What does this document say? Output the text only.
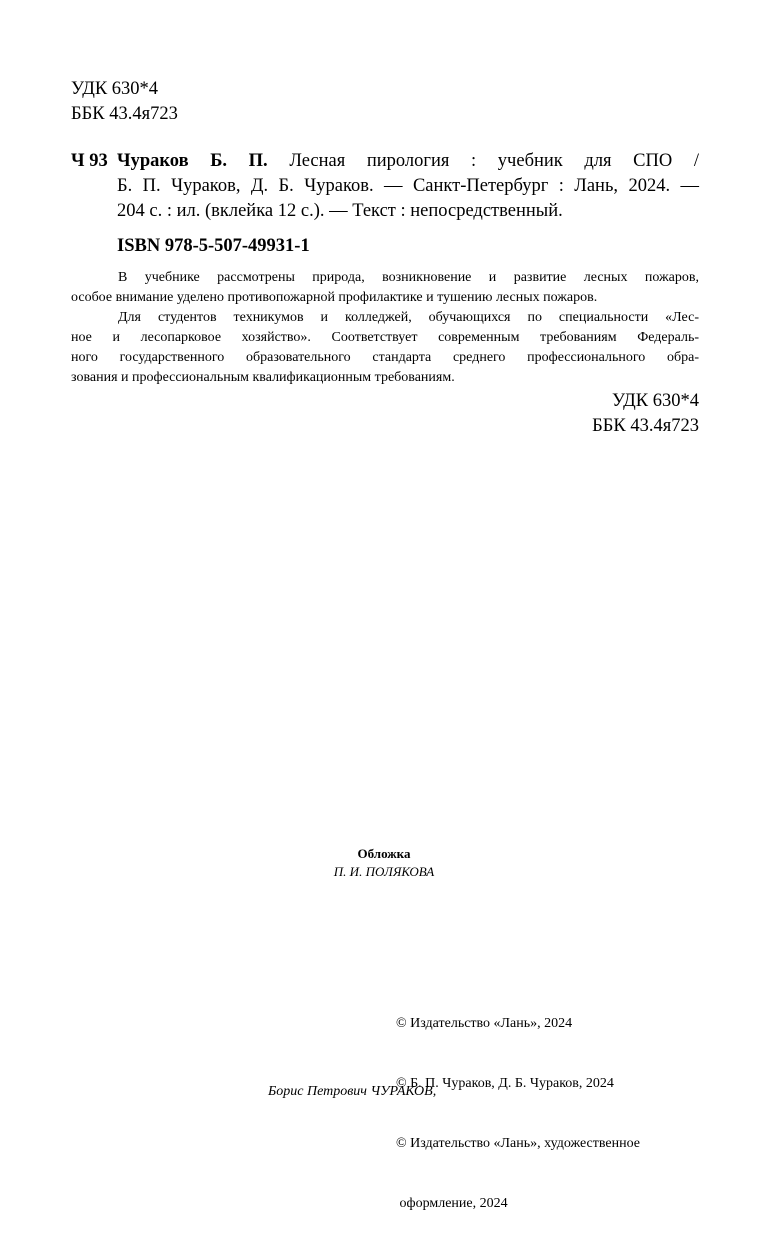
УДК 630*4
ББК 43.4я723
Ч 93 Чураков Б. П. Лесная пирология : учебник для СПО /
Б. П. Чураков, Д. Б. Чураков. — Санкт-Петербург : Лань, 2024. —
204 с. : ил. (вклейка 12 с.). — Текст : непосредственный.
ISBN 978-5-507-49931-1
В учебнике рассмотрены природа, возникновение и развитие лесных пожаров,
особое внимание уделено противопожарной профилактике и тушению лесных пожаров.
Для студентов техникумов и колледжей, обучающихся по специальности «Лес-
ное и лесопарковое хозяйство». Соответствует современным требованиям Федераль-
ного государственного образовательного стандарта среднего профессионального обра-
зования и профессиональным квалификационным требованиям.
УДК 630*4
ББК 43.4я723
Обложка
П. И. ПОЛЯКОВА

© Издательство «Лань», 2024

© Б. П. Чураков, Д. Б. Чураков, 2024

© Издательство «Лань», художественное

оформление, 2024

Борис Петрович ЧУРАКОВ,
